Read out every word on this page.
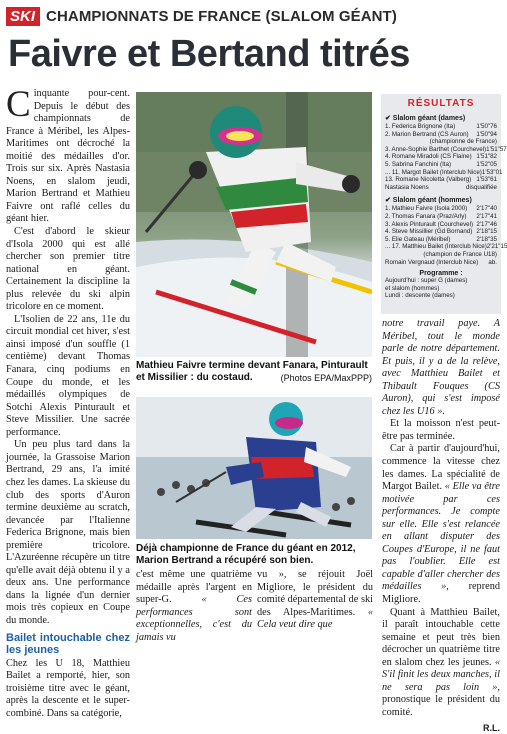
SKI CHAMPIONNATS DE FRANCE (SLALOM GÉANT)
Faivre et Bertand titrés

Cinquante pour-cent. Depuis le début des championnats de France à Méribel, les Alpes-Maritimes ont décroché la moitié des médailles d'or. Trois sur six. Après Nastasia Noens, en slalom jeudi, Marion Bertrand et Mathieu Faivre ont raflé celles du géant hier.

C'est d'abord le skieur d'Isola 2000 qui est allé chercher son premier titre national en géant. Certainement la discipline la plus relevée du ski alpin tricolore en ce moment.

L'Isolien de 22 ans, 11e du circuit mondial cet hiver, s'est ainsi imposé d'un souffle (1 centième) devant Thomas Fanara, cinq podiums en Coupe du monde, et les médaillés olympiques de Sotchi Alexis Pinturault et Steve Missilier. Une sacrée performance.

Un peu plus tard dans la journée, la Grassoise Marion Bertrand, 29 ans, l'a imité chez les dames. La skieuse du club des sports d'Auron termine deuxième au scratch, devancée par l'Italienne Federica Brignone, mais bien première tricolore. L'Azuréenne récupère un titre qu'elle avait déjà obtenu il y a deux ans. Une performance dans la lignée d'un dernier mois très copieux en Coupe du monde.

Bailet intouchable chez les jeunes

Chez les U 18, Matthieu Bailet a remporté, hier, son troisième titre avec le géant, après la descente et le super-combiné. Dans sa catégorie,

Mathieu Faivre termine devant Fanara, Pinturault et Missilier : du costaud.	(Photos EPA/MaxPPP)
Déjà championne de France du géant en 2012, Marion Bertrand a récupéré son bien.

c'est même une quatrième médaille après l'argent en super-G.	« Ces performances sont exceptionnelles, c'est du jamais vu

vu », se réjouit Joël Migliore, le président du comité départemental de ski des Alpes-Maritimes. « Cela veut dire que

RÉSULTATS
✔ Slalom géant (dames)
1. Federica Brignone (Ita)	1'50"76
2. Marion Bertrand (CS Auron) 1'50"94
(championne de France)
3. Anne-Sophie Barthet (Courchevel) 1'51"57
4. Romane Miradoli (CS Flaine) 1'51"82
5. Sabrina Fanchini (Ita)	1'52"05
... 11. Margot Bailet (Interclub Nice) 1'53"01
13. Romane Nicoletta (Valberg) 1'53"61
Nastasia Noens	disqualifiée
✔ Slalom géant (hommes)
1. Mathieu Faivre (Isola 2000) 2'17"40
2. Thomas Fanara (Praz/Arly) 2'17"41
3. Alexis Pinturault (Courchevel) 2'17"46
4. Steve Missillier (Gd Bornand) 2'18"15
5. Elie Gateau (Méribel)	2'18"35
... 17. Matthieu Bailet (Interclub Nice) 2'21"15
(champion de France U18)
Romain Vergnaud (Interclub Nice) ab.
Programme :
Aujourd'hui : super G (dames)
et slalom (hommes)
Lundi : descente (dames)

notre travail paye. A Méribel, tout le monde parle de notre département. Et puis, il y a de la relève, avec Matthieu Bailet et Thibault Fouques (CS Auron), qui s'est imposé chez les U16 ».

Et la moisson n'est peut-être pas terminée.

Car à partir d'aujourd'hui, commence la vitesse chez les dames. La spécialité de Margot Bailet. « Elle va être motivée par ces performances. Je compte sur elle. Elle s'est relancée en allant disputer des Coupes d'Europe, il ne faut pas l'oublier. Elle est capable d'aller chercher des médailles », reprend Migliore.

Quant à Matthieu Bailet, il paraît intouchable cette semaine et peut très bien décrocher un quatrième titre en slalom chez les jeunes. « S'il finit les deux manches, il ne sera pas loin », pronostique le président du comité.

R.L.
